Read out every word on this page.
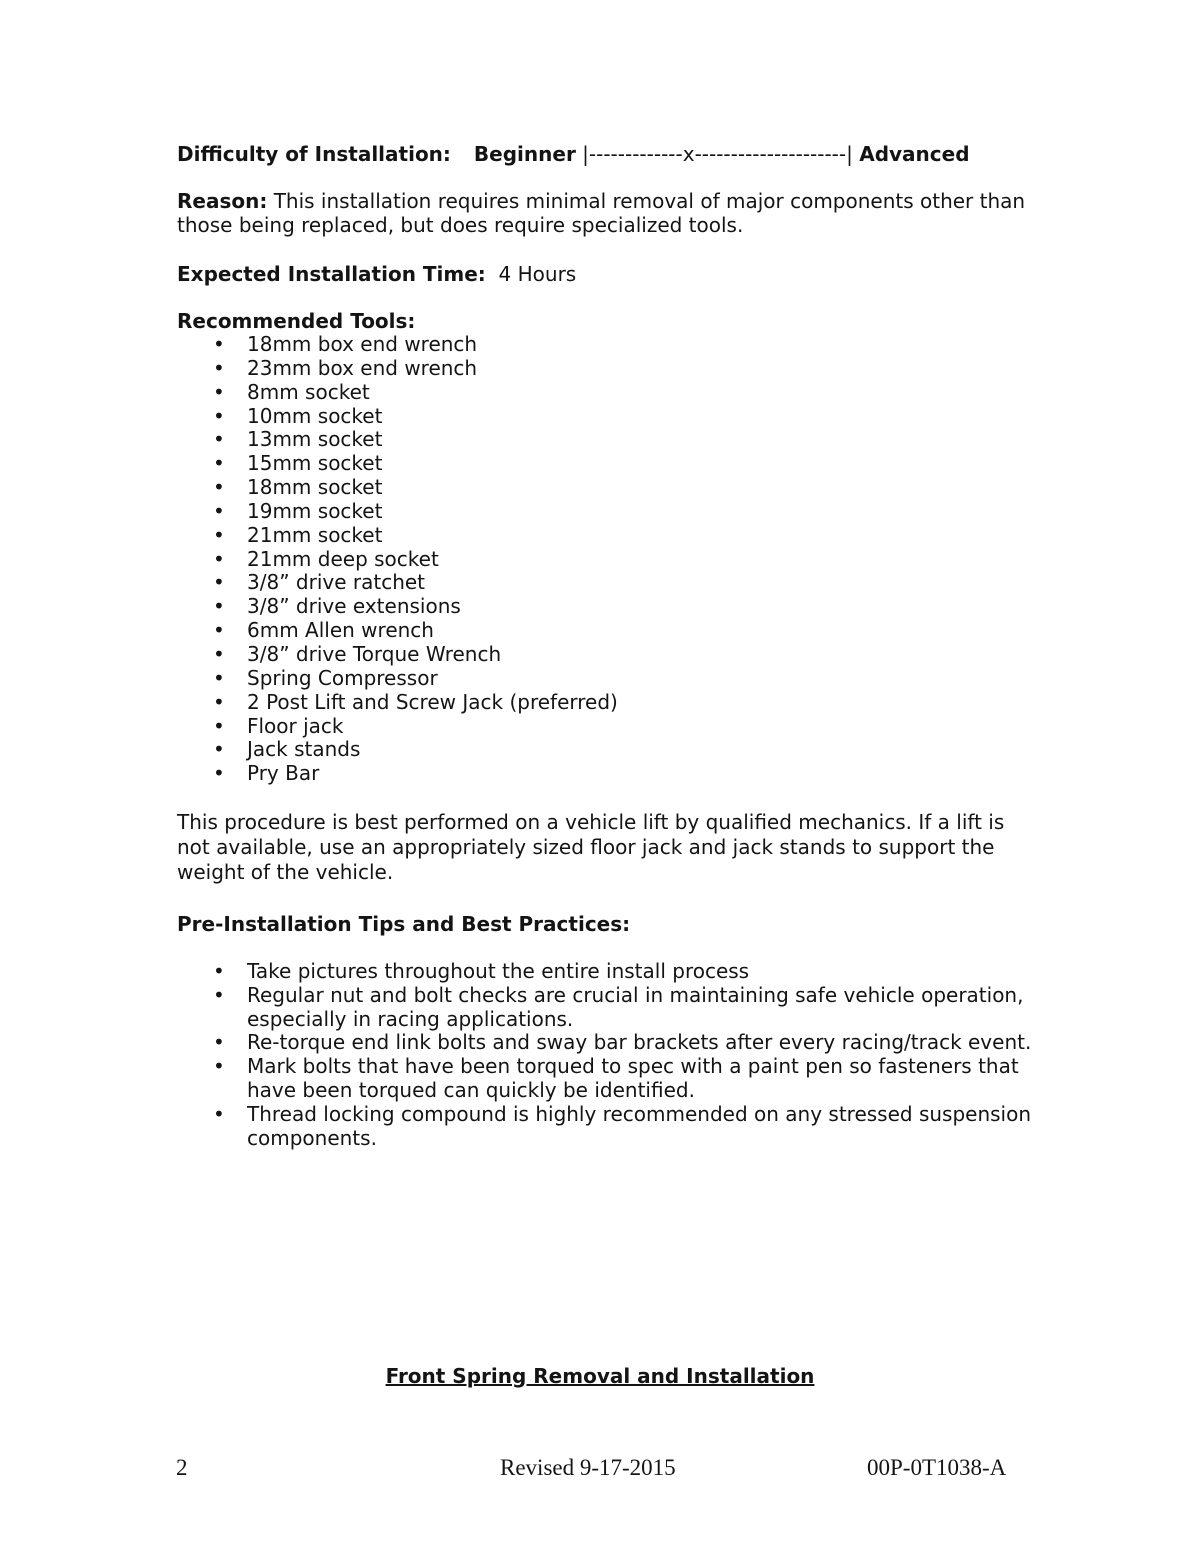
Difficulty of Installation: Beginner |-------------x---------------------| Advanced
Reason: This installation requires minimal removal of major components other than those being replaced, but does require specialized tools.
Expected Installation Time: 4 Hours
Recommended Tools:
• 18mm box end wrench
• 23mm box end wrench
• 8mm socket
• 10mm socket
• 13mm socket
• 15mm socket
• 18mm socket
• 19mm socket
• 21mm socket
• 21mm deep socket
• 3/8” drive ratchet
• 3/8” drive extensions
• 6mm Allen wrench
• 3/8” drive Torque Wrench
• Spring Compressor
• 2 Post Lift and Screw Jack (preferred)
• Floor jack
• Jack stands
• Pry Bar
This procedure is best performed on a vehicle lift by qualified mechanics. If a lift is not available, use an appropriately sized floor jack and jack stands to support the weight of the vehicle.
Pre-Installation Tips and Best Practices:
• Take pictures throughout the entire install process
• Regular nut and bolt checks are crucial in maintaining safe vehicle operation, especially in racing applications.
• Re-torque end link bolts and sway bar brackets after every racing/track event.
• Mark bolts that have been torqued to spec with a paint pen so fasteners that have been torqued can quickly be identified.
• Thread locking compound is highly recommended on any stressed suspension components.
Front Spring Removal and Installation
2	Revised 9-17-2015	00P-0T1038-A
